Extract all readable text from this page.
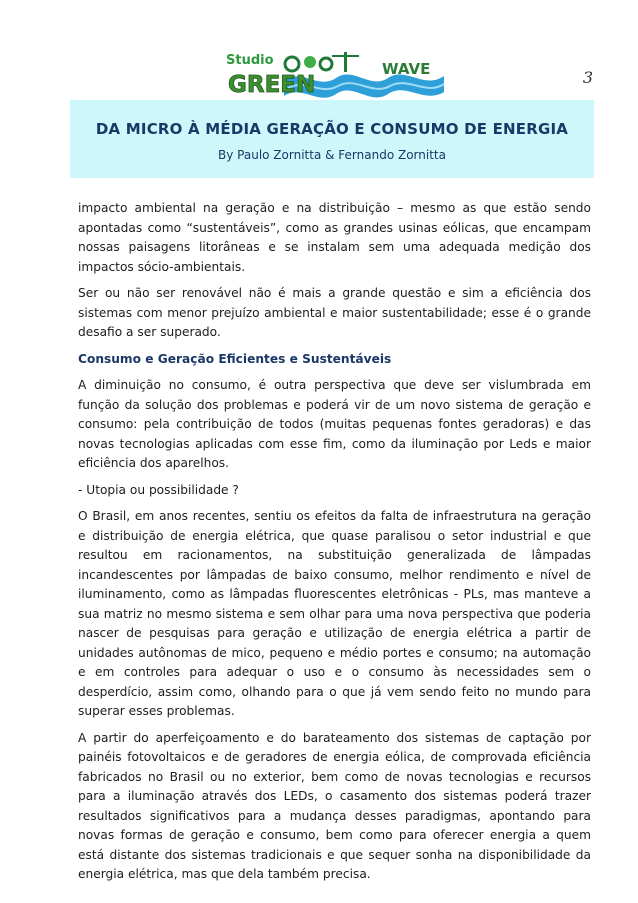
Studio
GREEN
WAVE	3
DA MICRO À MÉDIA GERAÇÃO E CONSUMO DE ENERGIA
By Paulo Zornitta & Fernando Zornitta

impacto ambiental na geração e na distribuição – mesmo as que estão sendo apontadas como “sustentáveis”, como as grandes usinas eólicas, que encampam nossas paisagens litorâneas e se instalam sem uma adequada medição dos impactos sócio-ambientais.

Ser ou não ser renovável não é mais a grande questão e sim a eficiência dos sistemas com menor prejuízo ambiental e maior sustentabilidade; esse é o grande desafio a ser superado.

Consumo e Geração Eficientes e Sustentáveis

A diminuição no consumo, é outra perspectiva que deve ser vislumbrada em função da solução dos problemas e poderá vir de um novo sistema de geração e consumo: pela contribuição de todos (muitas pequenas fontes geradoras) e das novas tecnologias aplicadas com esse fim, como da iluminação por Leds e maior eficiência dos aparelhos.

- Utopia ou possibilidade ?

O Brasil, em anos recentes, sentiu os efeitos da falta de infraestrutura na geração e distribuição de energia elétrica, que quase paralisou o setor industrial e que resultou em racionamentos, na substituição generalizada de lâmpadas incandescentes por lâmpadas de baixo consumo, melhor rendimento e nível de iluminamento, como as lâmpadas fluorescentes eletrônicas - PLs, mas manteve a sua matriz no mesmo sistema e sem olhar para uma nova perspectiva que poderia nascer de pesquisas para geração e utilização de energia elétrica a partir de unidades autônomas de mico, pequeno e médio portes e consumo; na automação e em controles para adequar o uso e o consumo às necessidades sem o desperdício, assim como, olhando para o que já vem sendo feito no mundo para superar esses problemas.

A partir do aperfeiçoamento e do barateamento dos sistemas de captação por painéis fotovoltaicos e de geradores de energia eólica, de comprovada eficiência fabricados no Brasil ou no exterior, bem como de novas tecnologias e recursos para a iluminação através dos LEDs, o casamento dos sistemas poderá trazer resultados significativos para a mudança desses paradigmas, apontando para novas formas de geração e consumo, bem como para oferecer energia a quem está distante dos sistemas tradicionais e que sequer sonha na disponibilidade da energia elétrica, mas que dela também precisa.
